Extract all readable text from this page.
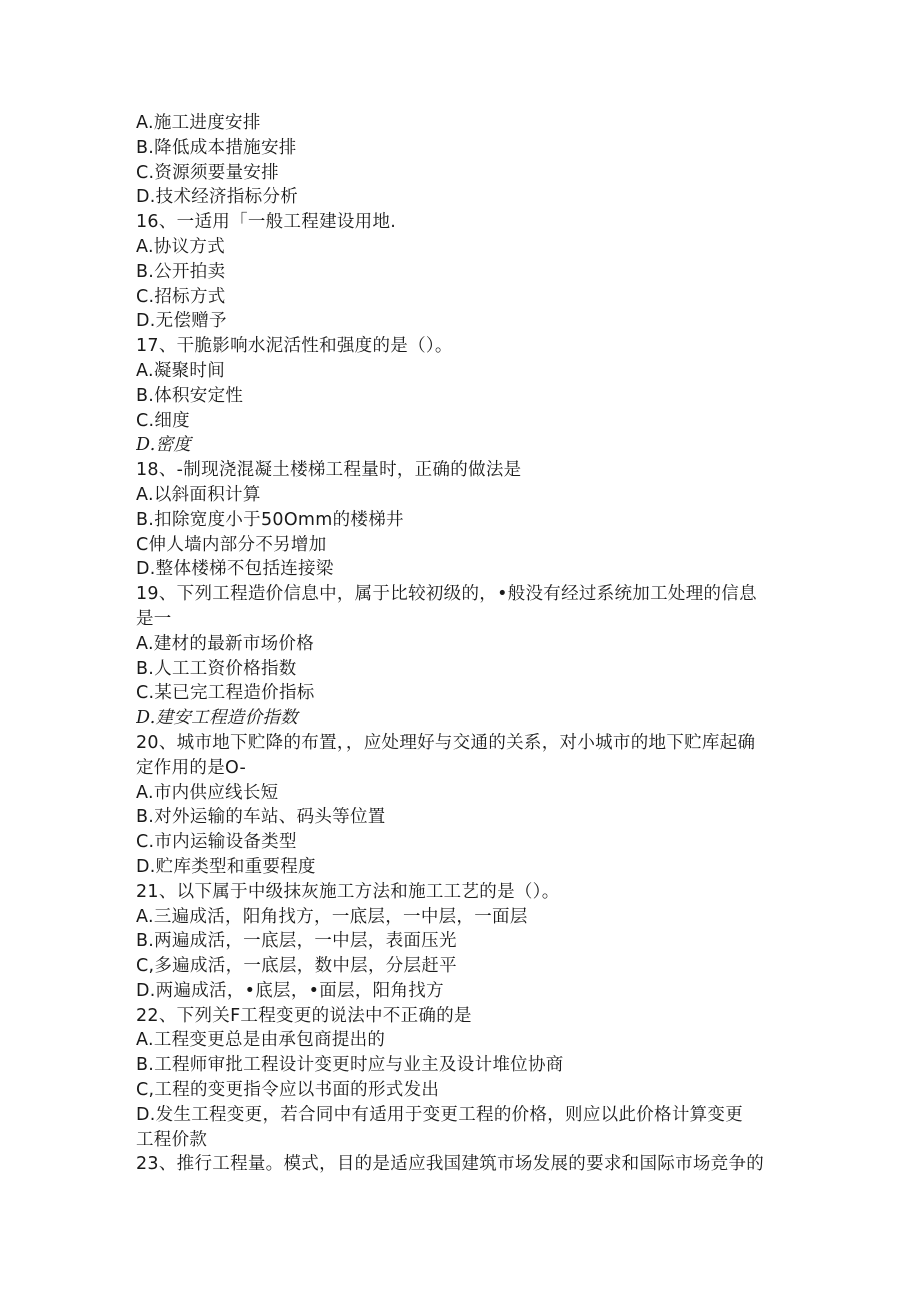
A.施工进度安排
B.降低成本措施安排
C.资源须要量安排
D.技术经济指标分析
16、一适用「一般工程建设用地.
A.协议方式
B.公开拍卖
C.招标方式
D.无偿赠予
17、干脆影响水泥活性和强度的是（）。
A.凝聚时间
B.体积安定性
C.细度
D.密度
18、-制现浇混凝土楼梯工程量时，正确的做法是
A.以斜面积计算
B.扣除宽度小于50Omm的楼梯井
C伸人墙内部分不另增加
D.整体楼梯不包括连接梁
19、下列工程造价信息中，属于比较初级的，•般没有经过系统加工处理的信息
是一
A.建材的最新市场价格
B.人工工资价格指数
C.某已完工程造价指标
D.建安工程造价指数
20、城市地下贮降的布置，，应处理好与交通的关系，对小城市的地下贮库起确
定作用的是O-
A.市内供应线长短
B.对外运输的车站、码头等位置
C.市内运输设备类型
D.贮库类型和重要程度
21、以下属于中级抹灰施工方法和施工工艺的是（）。
A.三遍成活，阳角找方，一底层，一中层，一面层
B.两遍成活，一底层，一中层，表面压光
C,多遍成活，一底层，数中层，分层赶平
D.两遍成活，•底层，•面层，阳角找方
22、下列关F工程变更的说法中不正确的是
A.工程变更总是由承包商提出的
B.工程师审批工程设计变更时应与业主及设计堆位协商
C,工程的变更指令应以书面的形式发出
D.发生工程变更，若合同中有适用于变更工程的价格，则应以此价格计算变更
工程价款
23、推行工程量。模式，目的是适应我国建筑市场发展的要求和国际市场竞争的
